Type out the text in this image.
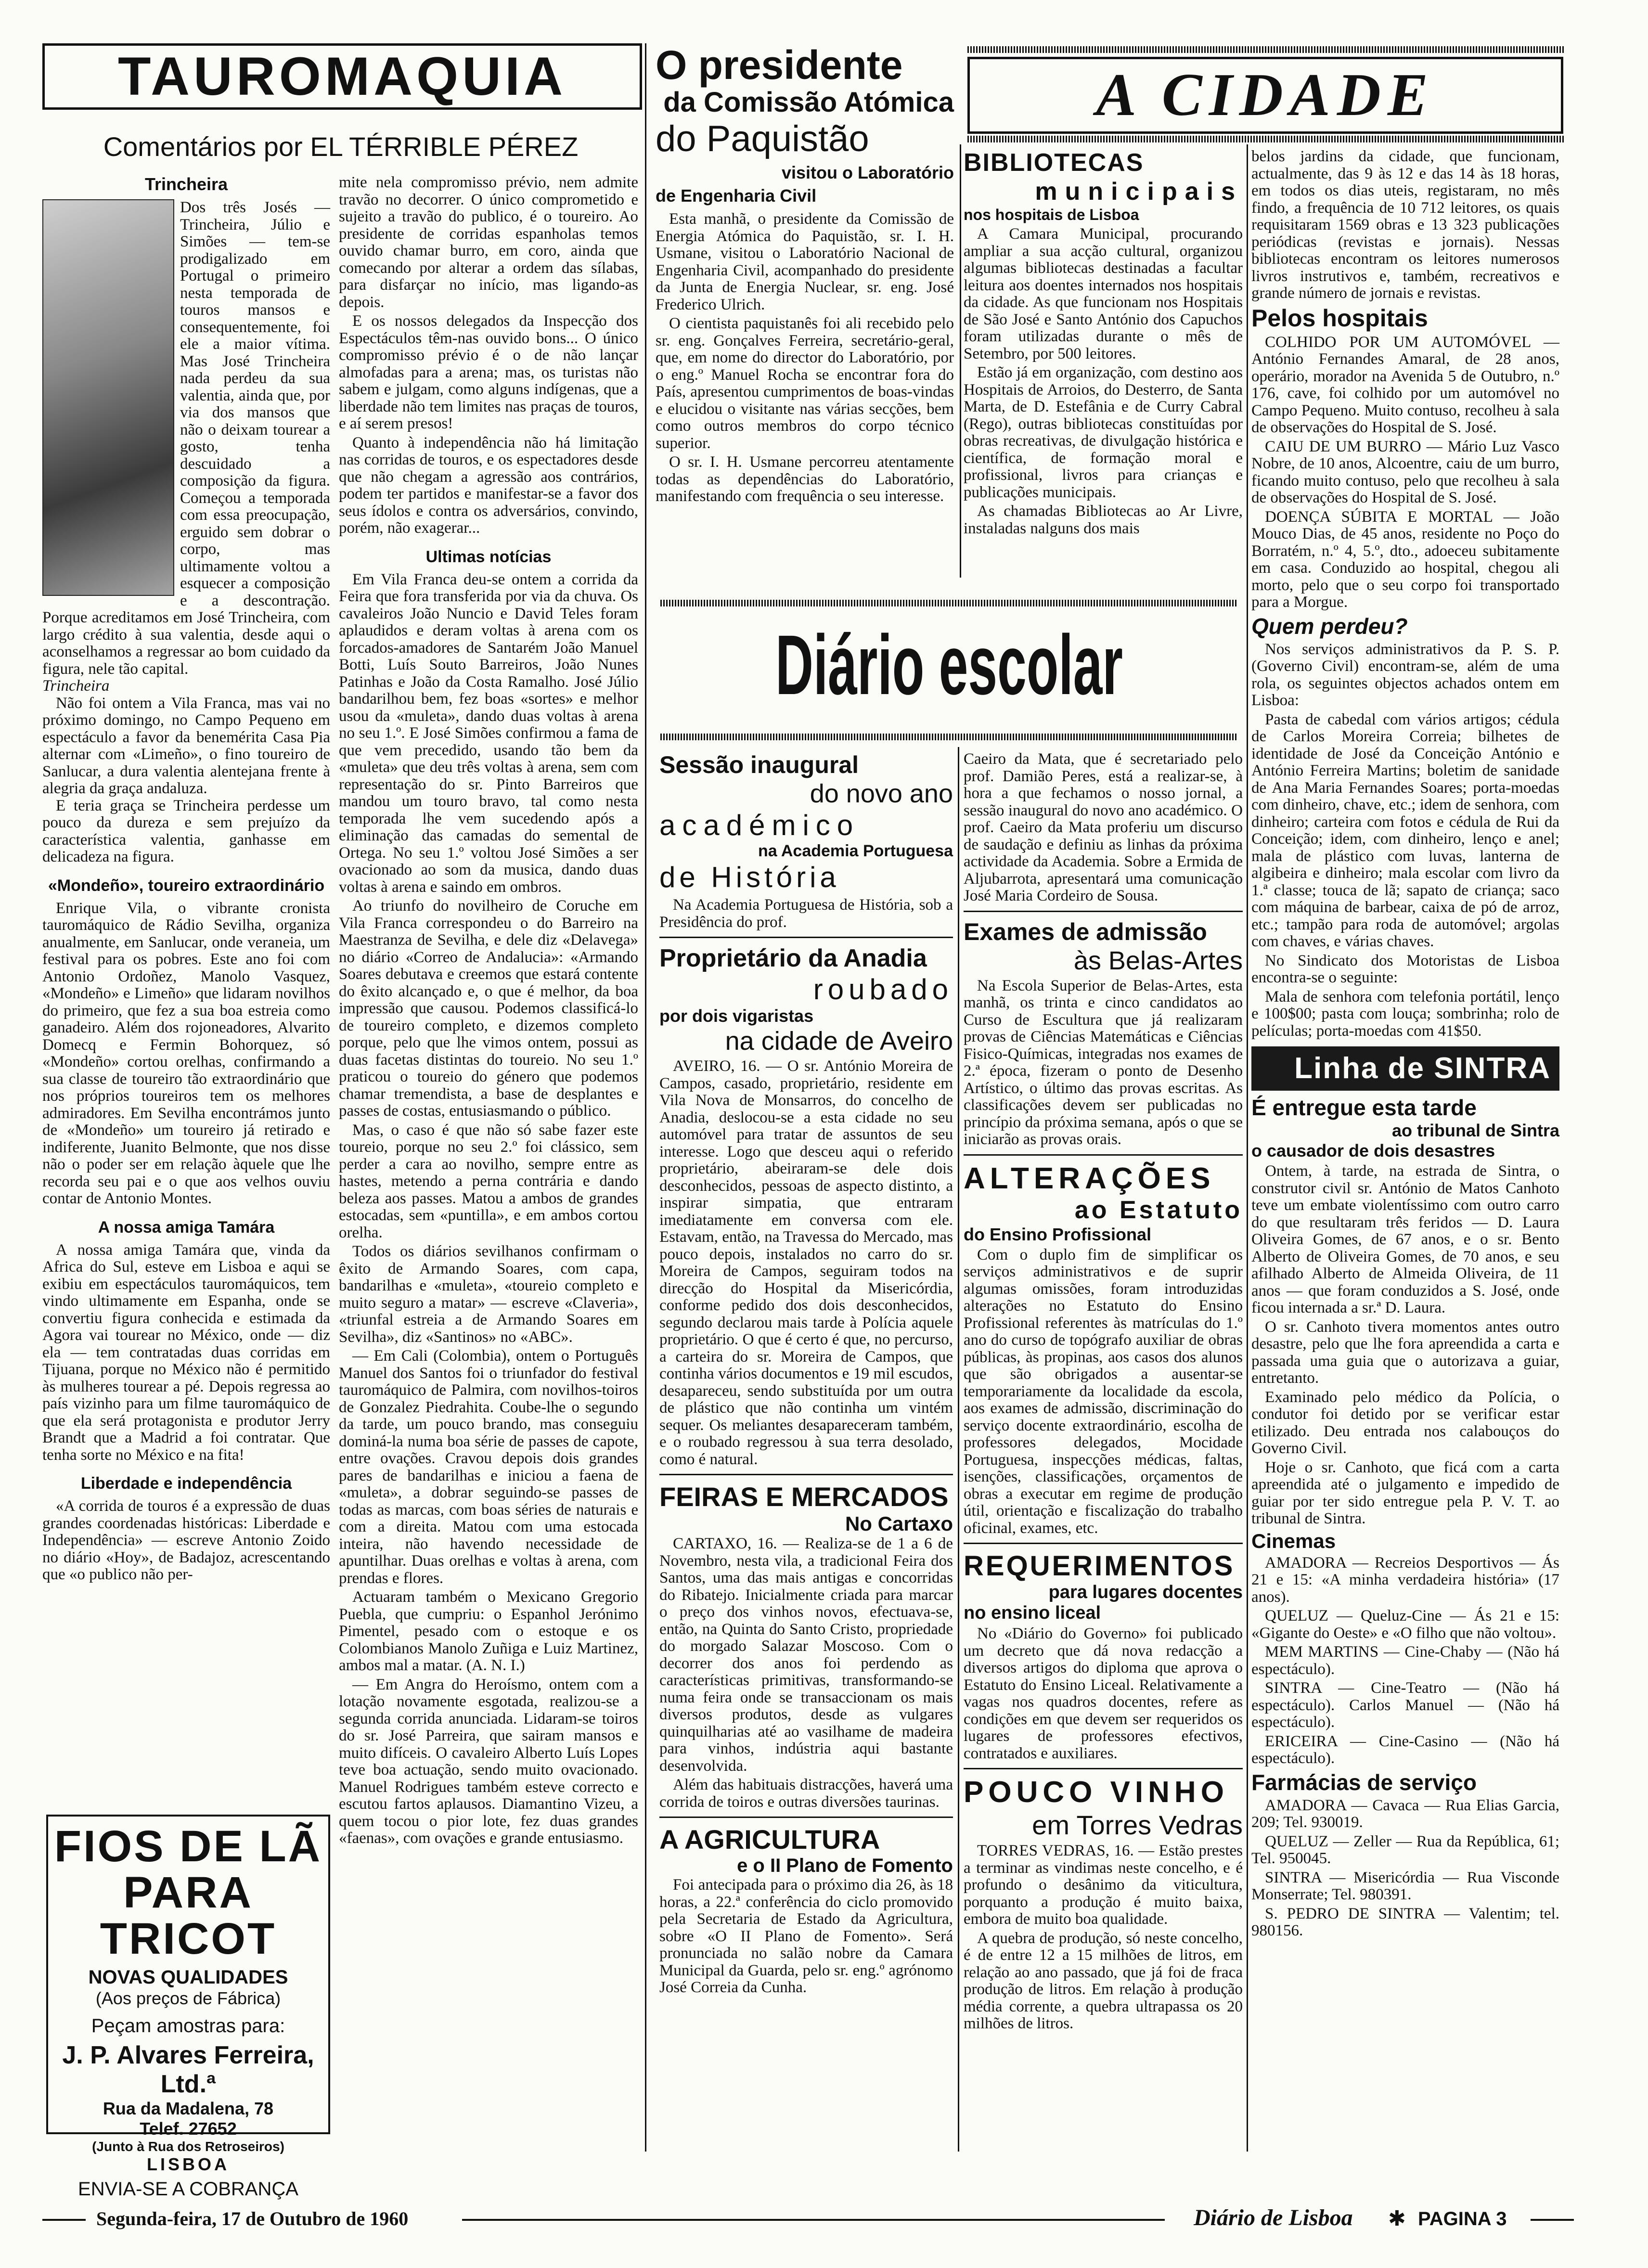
TAUROMAQUIA
Comentários por EL TÉRRIBLE PÉREZ
Trincheira
Dos três Josés — Trincheira, Júlio e Simões — tem-se prodigalizado em Portugal o primeiro nesta temporada de touros mansos e consequentemente, foi ele a maior vítima. Mas José Trincheira nada perdeu da sua valentia, ainda que, por via dos mansos que não o deixam tourear a gosto, tenha descuidado a composição da figura. Começou a temporada com essa preocupação, erguido sem dobrar o corpo, mas ultimamente voltou a esquecer a composição e a descontração. Porque acreditamos em José Trincheira, com largo crédito à sua valentia, desde aqui o aconselhamos a regressar ao bom cuidado da figura, nele tão capital.
Trincheira

Não foi ontem a Vila Franca, mas vai no próximo domingo, no Campo Pequeno em espectáculo a favor da benemérita Casa Pia alternar com «Limeño», o fino toureiro de Sanlucar, a dura valentia alentejana frente à alegria da graça andaluza.

E teria graça se Trincheira perdesse um pouco da dureza e sem prejuízo da característica valentia, ganhasse em delicadeza na figura.

«Mondeño», toureiro extraordinário

Enrique Vila, o vibrante cronista tauromáquico de Rádio Sevilha, organiza anualmente, em Sanlucar, onde veraneia, um festival para os pobres. Este ano foi com Antonio Ordoñez, Manolo Vasquez, «Mondeño» e Limeño» que lidaram novilhos do primeiro, que fez a sua boa estreia como ganadeiro. Além dos rojoneadores, Alvarito Domecq e Fermin Bohorquez, só «Mondeño» cortou orelhas, confirmando a sua classe de toureiro tão extraordinário que nos próprios toureiros tem os melhores admiradores. Em Sevilha encontrámos junto de «Mondeño» um toureiro já retirado e indiferente, Juanito Belmonte, que nos disse não o poder ser em relação àquele que lhe recorda seu pai e o que aos velhos ouviu contar de Antonio Montes.

A nossa amiga Tamára

A nossa amiga Tamára que, vinda da Africa do Sul, esteve em Lisboa e aqui se exibiu em espectáculos tauromáquicos, tem vindo ultimamente em Espanha, onde se convertiu figura conhecida e estimada da Agora vai tourear no México, onde — diz ela — tem contratadas duas corridas em Tijuana, porque no México não é permitido às mulheres tourear a pé. Depois regressa ao país vizinho para um filme tauromáquico de que ela será protagonista e produtor Jerry Brandt que a Madrid a foi contratar. Que tenha sorte no México e na fita!

Liberdade e independência

«A corrida de touros é a expressão de duas grandes coordenadas históricas: Liberdade e Independência» — escreve Antonio Zoido no diário «Hoy», de Badajoz, acrescentando que «o publico não per-

FIOS DE LÃ
PARA TRICOT
NOVAS QUALIDADES
(Aos preços de Fábrica)
Peçam amostras para:
J. P. Alvares Ferreira, Ltd.ª
Rua da Madalena, 78
Telef. 27652
(Junto à Rua dos Retroseiros)
LISBOA
ENVIA-SE A COBRANÇA

mite nela compromisso prévio, nem admite travão no decorrer. O único comprometido e sujeito a travão do publico, é o toureiro. Ao presidente de corridas espanholas temos ouvido chamar burro, em coro, ainda que comecando por alterar a ordem das sílabas, para disfarçar no início, mas ligando-as depois.

E os nossos delegados da Inspecção dos Espectáculos têm-nas ouvido bons... O único compromisso prévio é o de não lançar almofadas para a arena; mas, os turistas não sabem e julgam, como alguns indígenas, que a liberdade não tem limites nas praças de touros, e aí serem presos!

Quanto à independência não há limitação nas corridas de touros, e os espectadores desde que não chegam a agressão aos contrários, podem ter partidos e manifestar-se a favor dos seus ídolos e contra os adversários, convindo, porém, não exagerar...

Ultimas notícias

Em Vila Franca deu-se ontem a corrida da Feira que fora transferida por via da chuva. Os cavaleiros João Nuncio e David Teles foram aplaudidos e deram voltas à arena com os forcados-amadores de Santarém João Manuel Botti, Luís Souto Barreiros, João Nunes Patinhas e João da Costa Ramalho. José Júlio bandarilhou bem, fez boas «sortes» e melhor usou da «muleta», dando duas voltas à arena no seu 1.º. E José Simões confirmou a fama de que vem precedido, usando tão bem da «muleta» que deu três voltas à arena, sem com representação do sr. Pinto Barreiros que mandou um touro bravo, tal como nesta temporada lhe vem sucedendo após a eliminação das camadas do semental de Ortega. No seu 1.º voltou José Simões a ser ovacionado ao som da musica, dando duas voltas à arena e saindo em ombros.

Ao triunfo do novilheiro de Coruche em Vila Franca correspondeu o do Barreiro na Maestranza de Sevilha, e dele diz «Delavega» no diário «Correo de Andalucia»: «Armando Soares debutava e creemos que estará contente do êxito alcançado e, o que é melhor, da boa impressão que causou. Podemos classificá-lo de toureiro completo, e dizemos completo porque, pelo que lhe vimos ontem, possui as duas facetas distintas do toureio. No seu 1.º praticou o toureio do género que podemos chamar tremendista, a base de desplantes e passes de costas, entusiasmando o público.

Mas, o caso é que não só sabe fazer este toureio, porque no seu 2.º foi clássico, sem perder a cara ao novilho, sempre entre as hastes, metendo a perna contrária e dando beleza aos passes. Matou a ambos de grandes estocadas, sem «puntilla», e em ambos cortou orelha.

Todos os diários sevilhanos confirmam o êxito de Armando Soares, com capa, bandarilhas e «muleta», «toureio completo e muito seguro a matar» — escreve «Claveria», «triunfal estreia a de Armando Soares em Sevilha», diz «Santinos» no «ABC».

— Em Cali (Colombia), ontem o Português Manuel dos Santos foi o triunfador do festival tauromáquico de Palmira, com novilhos-toiros de Gonzalez Piedrahita. Coube-lhe o segundo da tarde, um pouco brando, mas conseguiu dominá-la numa boa série de passes de capote, entre ovações. Cravou depois dois grandes pares de bandarilhas e iniciou a faena de «muleta», a dobrar seguindo-se passes de todas as marcas, com boas séries de naturais e com a direita. Matou com uma estocada inteira, não havendo necessidade de apuntilhar. Duas orelhas e voltas à arena, com prendas e flores.

Actuaram também o Mexicano Gregorio Puebla, que cumpriu: o Espanhol Jerónimo Pimentel, pesado com o estoque e os Colombianos Manolo Zuñiga e Luiz Martinez, ambos mal a matar. (A. N. I.)

— Em Angra do Heroísmo, ontem com a lotação novamente esgotada, realizou-se a segunda corrida anunciada. Lidaram-se toiros do sr. José Parreira, que sairam mansos e muito difíceis. O cavaleiro Alberto Luís Lopes teve boa actuação, sendo muito ovacionado. Manuel Rodrigues também esteve correcto e escutou fartos aplausos. Diamantino Vizeu, a quem tocou o pior lote, fez duas grandes «faenas», com ovações e grande entusiasmo.

O presidente
da Comissão Atómica
do Paquistão
visitou o Laboratório
de Engenharia Civil

Esta manhã, o presidente da Comissão de Energia Atómica do Paquistão, sr. I. H. Usmane, visitou o Laboratório Nacional de Engenharia Civil, acompanhado do presidente da Junta de Energia Nuclear, sr. eng. José Frederico Ulrich.

O cientista paquistanês foi ali recebido pelo sr. eng. Gonçalves Ferreira, secretário-geral, que, em nome do director do Laboratório, por o eng.º Manuel Rocha se encontrar fora do País, apresentou cumprimentos de boas-vindas e elucidou o visitante nas várias secções, bem como outros membros do corpo técnico superior.

O sr. I. H. Usmane percorreu atentamente todas as dependências do Laboratório, manifestando com frequência o seu interesse.

A CIDADE
BIBLIOTECAS
municipais
nos hospitais de Lisboa

A Camara Municipal, procurando ampliar a sua acção cultural, organizou algumas bibliotecas destinadas a facultar leitura aos doentes internados nos hospitais da cidade. As que funcionam nos Hospitais de São José e Santo António dos Capuchos foram utilizadas durante o mês de Setembro, por 500 leitores.

Estão já em organização, com destino aos Hospitais de Arroios, do Desterro, de Santa Marta, de D. Estefânia e de Curry Cabral (Rego), outras bibliotecas constituídas por obras recreativas, de divulgação histórica e científica, de formação moral e profissional, livros para crianças e publicações municipais.

As chamadas Bibliotecas ao Ar Livre, instaladas nalguns dos mais

belos jardins da cidade, que funcionam, actualmente, das 9 às 12 e das 14 às 18 horas, em todos os dias uteis, registaram, no mês findo, a frequência de 10 712 leitores, os quais requisitaram 1569 obras e 13 323 publicações periódicas (revistas e jornais). Nessas bibliotecas encontram os leitores numerosos livros instrutivos e, também, recreativos e grande número de jornais e revistas.

Pelos hospitais

COLHIDO POR UM AUTOMÓVEL — António Fernandes Amaral, de 28 anos, operário, morador na Avenida 5 de Outubro, n.º 176, cave, foi colhido por um automóvel no Campo Pequeno. Muito contuso, recolheu à sala de observações do Hospital de S. José.

CAIU DE UM BURRO — Mário Luz Vasco Nobre, de 10 anos, Alcoentre, caiu de um burro, ficando muito contuso, pelo que recolheu à sala de observações do Hospital de S. José.

DOENÇA SÚBITA E MORTAL — João Mouco Dias, de 45 anos, residente no Poço do Borratém, n.º 4, 5.º, dto., adoeceu subitamente em casa. Conduzido ao hospital, chegou ali morto, pelo que o seu corpo foi transportado para a Morgue.

Quem perdeu?

Nos serviços administrativos da P. S. P. (Governo Civil) encontram-se, além de uma rola, os seguintes objectos achados ontem em Lisboa:

Pasta de cabedal com vários artigos; cédula de Carlos Moreira Correia; bilhetes de identidade de José da Conceição António e António Ferreira Martins; boletim de sanidade de Ana Maria Fernandes Soares; porta-moedas com dinheiro, chave, etc.; idem de senhora, com dinheiro; carteira com fotos e cédula de Rui da Conceição; idem, com dinheiro, lenço e anel; mala de plástico com luvas, lanterna de algibeira e dinheiro; mala escolar com livro da 1.ª classe; touca de lã; sapato de criança; saco com máquina de barbear, caixa de pó de arroz, etc.; tampão para roda de automóvel; argolas com chaves, e várias chaves.

No Sindicato dos Motoristas de Lisboa encontra-se o seguinte:

Mala de senhora com telefonia portátil, lenço e 100$00; pasta com louça; sombrinha; rolo de películas; porta-moedas com 41$50.

Linha de SINTRA
É entregue esta tarde
ao tribunal de Sintra
o causador de dois desastres

Ontem, à tarde, na estrada de Sintra, o construtor civil sr. António de Matos Canhoto teve um embate violentíssimo com outro carro do que resultaram três feridos — D. Laura Oliveira Gomes, de 67 anos, e o sr. Bento Alberto de Oliveira Gomes, de 70 anos, e seu afilhado Alberto de Almeida Oliveira, de 11 anos — que foram conduzidos a S. José, onde ficou internada a sr.ª D. Laura.

O sr. Canhoto tivera momentos antes outro desastre, pelo que lhe fora apreendida a carta e passada uma guia que o autorizava a guiar, entretanto.

Examinado pelo médico da Polícia, o condutor foi detido por se verificar estar etilizado. Deu entrada nos calabouços do Governo Civil.

Hoje o sr. Canhoto, que ficá com a carta apreendida até o julgamento e impedido de guiar por ter sido entregue pela P. V. T. ao tribunal de Sintra.

Cinemas

AMADORA — Recreios Desportivos — Ás 21 e 15: «A minha verdadeira história» (17 anos).

QUELUZ — Queluz-Cine — Ás 21 e 15: «Gigante do Oeste» e «O filho que não voltou».

MEM MARTINS — Cine-Chaby — (Não há espectáculo).

SINTRA — Cine-Teatro — (Não há espectáculo). Carlos Manuel — (Não há espectáculo).

ERICEIRA — Cine-Casino — (Não há espectáculo).

Farmácias de serviço

AMADORA — Cavaca — Rua Elias Garcia, 209; Tel. 930019.

QUELUZ — Zeller — Rua da República, 61; Tel. 950045.

SINTRA — Misericórdia — Rua Visconde Monserrate; Tel. 980391.

S. PEDRO DE SINTRA — Valentim; tel. 980156.

Diário escolar
Sessão inaugural
do novo ano
académico
na Academia Portuguesa
de História

Na Academia Portuguesa de História, sob a Presidência do prof.

Proprietário da Anadia
roubado
por dois vigaristas
na cidade de Aveiro

AVEIRO, 16. — O sr. António Moreira de Campos, casado, proprietário, residente em Vila Nova de Monsarros, do concelho de Anadia, deslocou-se a esta cidade no seu automóvel para tratar de assuntos de seu interesse. Logo que desceu aqui o referido proprietário, abeiraram-se dele dois desconhecidos, pessoas de aspecto distinto, a inspirar simpatia, que entraram imediatamente em conversa com ele. Estavam, então, na Travessa do Mercado, mas pouco depois, instalados no carro do sr. Moreira de Campos, seguiram todos na direcção do Hospital da Misericórdia, conforme pedido dos dois desconhecidos, segundo declarou mais tarde à Polícia aquele proprietário. O que é certo é que, no percurso, a carteira do sr. Moreira de Campos, que continha vários documentos e 19 mil escudos, desapareceu, sendo substituída por um outra de plástico que não continha um vintém sequer. Os meliantes desapareceram também, e o roubado regressou à sua terra desolado, como é natural.

FEIRAS E MERCADOS
No Cartaxo

CARTAXO, 16. — Realiza-se de 1 a 6 de Novembro, nesta vila, a tradicional Feira dos Santos, uma das mais antigas e concorridas do Ribatejo. Inicialmente criada para marcar o preço dos vinhos novos, efectuava-se, então, na Quinta do Santo Cristo, propriedade do morgado Salazar Moscoso. Com o decorrer dos anos foi perdendo as características primitivas, transformando-se numa feira onde se transaccionam os mais diversos produtos, desde as vulgares quinquilharias até ao vasilhame de madeira para vinhos, indústria aqui bastante desenvolvida.

Além das habituais distracções, haverá uma corrida de toiros e outras diversões taurinas.

A AGRICULTURA
e o II Plano de Fomento

Foi antecipada para o próximo dia 26, às 18 horas, a 22.ª conferência do ciclo promovido pela Secretaria de Estado da Agricultura, sobre «O II Plano de Fomento». Será pronunciada no salão nobre da Camara Municipal da Guarda, pelo sr. eng.º agrónomo José Correia da Cunha.

Caeiro da Mata, que é secretariado pelo prof. Damião Peres, está a realizar-se, à hora a que fechamos o nosso jornal, a sessão inaugural do novo ano académico. O prof. Caeiro da Mata proferiu um discurso de saudação e definiu as linhas da próxima actividade da Academia. Sobre a Ermida de Aljubarrota, apresentará uma comunicação José Maria Cordeiro de Sousa.

Exames de admissão
às Belas-Artes

Na Escola Superior de Belas-Artes, esta manhã, os trinta e cinco candidatos ao Curso de Escultura que já realizaram provas de Ciências Matemáticas e Ciências Fisico-Químicas, integradas nos exames de 2.ª época, fizeram o ponto de Desenho Artístico, o último das provas escritas. As classificações devem ser publicadas no princípio da próxima semana, após o que se iniciarão as provas orais.

ALTERAÇÕES
ao Estatuto
do Ensino Profissional

Com o duplo fim de simplificar os serviços administrativos e de suprir algumas omissões, foram introduzidas alterações no Estatuto do Ensino Profissional referentes às matrículas do 1.º ano do curso de topógrafo auxiliar de obras públicas, às propinas, aos casos dos alunos que são obrigados a ausentar-se temporariamente da localidade da escola, aos exames de admissão, discriminação do serviço docente extraordinário, escolha de professores delegados, Mocidade Portuguesa, inspecções médicas, faltas, isenções, classificações, orçamentos de obras a executar em regime de produção útil, orientação e fiscalização do trabalho oficinal, exames, etc.

REQUERIMENTOS
para lugares docentes
no ensino liceal

No «Diário do Governo» foi publicado um decreto que dá nova redacção a diversos artigos do diploma que aprova o Estatuto do Ensino Liceal. Relativamente a vagas nos quadros docentes, refere as condições em que devem ser requeridos os lugares de professores efectivos, contratados e auxiliares.

POUCO VINHO
em Torres Vedras

TORRES VEDRAS, 16. — Estão prestes a terminar as vindimas neste concelho, e é profundo o desânimo da viticultura, porquanto a produção é muito baixa, embora de muito boa qualidade.

A quebra de produção, só neste concelho, é de entre 12 a 15 milhões de litros, em relação ao ano passado, que já foi de fraca produção de litros. Em relação à produção média corrente, a quebra ultrapassa os 20 milhões de litros.

Segunda-feira, 17 de Outubro de 1960	Diário de Lisboa ✱ PAGINA 3
